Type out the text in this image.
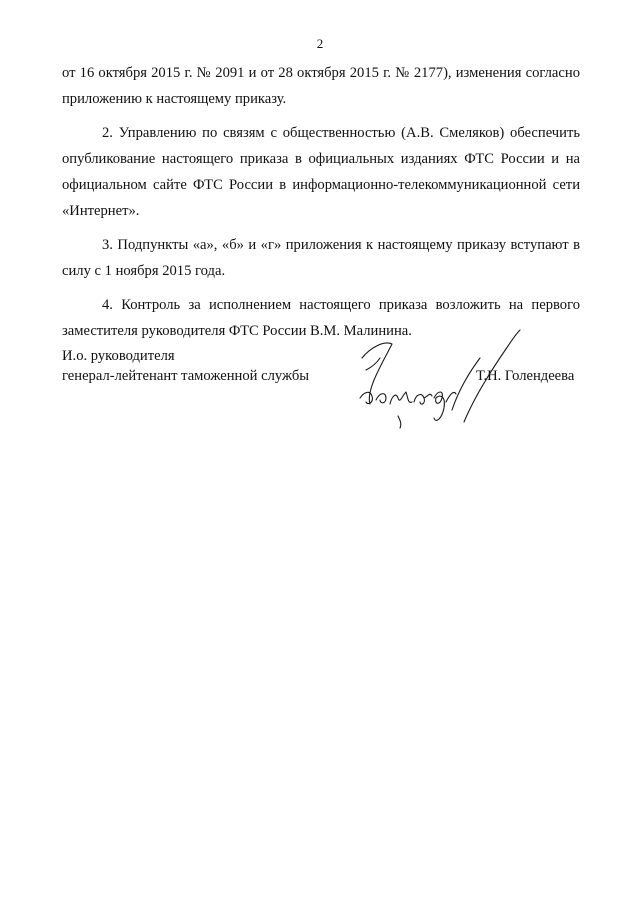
2

от 16 октября 2015 г. № 2091 и от 28 октября 2015 г. № 2177), изменения согласно приложению к настоящему приказу.

2. Управлению по связям с общественностью (А.В. Смеляков) обеспечить опубликование настоящего приказа в официальных изданиях ФТС России и на официальном сайте ФТС России в информационно-телекоммуникационной сети «Интернет».

3. Подпункты «а», «б» и «г» приложения к настоящему приказу вступают в силу с 1 ноября 2015 года.

4. Контроль за исполнением настоящего приказа возложить на первого заместителя руководителя ФТС России В.М. Малинина.

И.о. руководителя
генерал-лейтенант таможенной службы	Т.Н. Голендеева
